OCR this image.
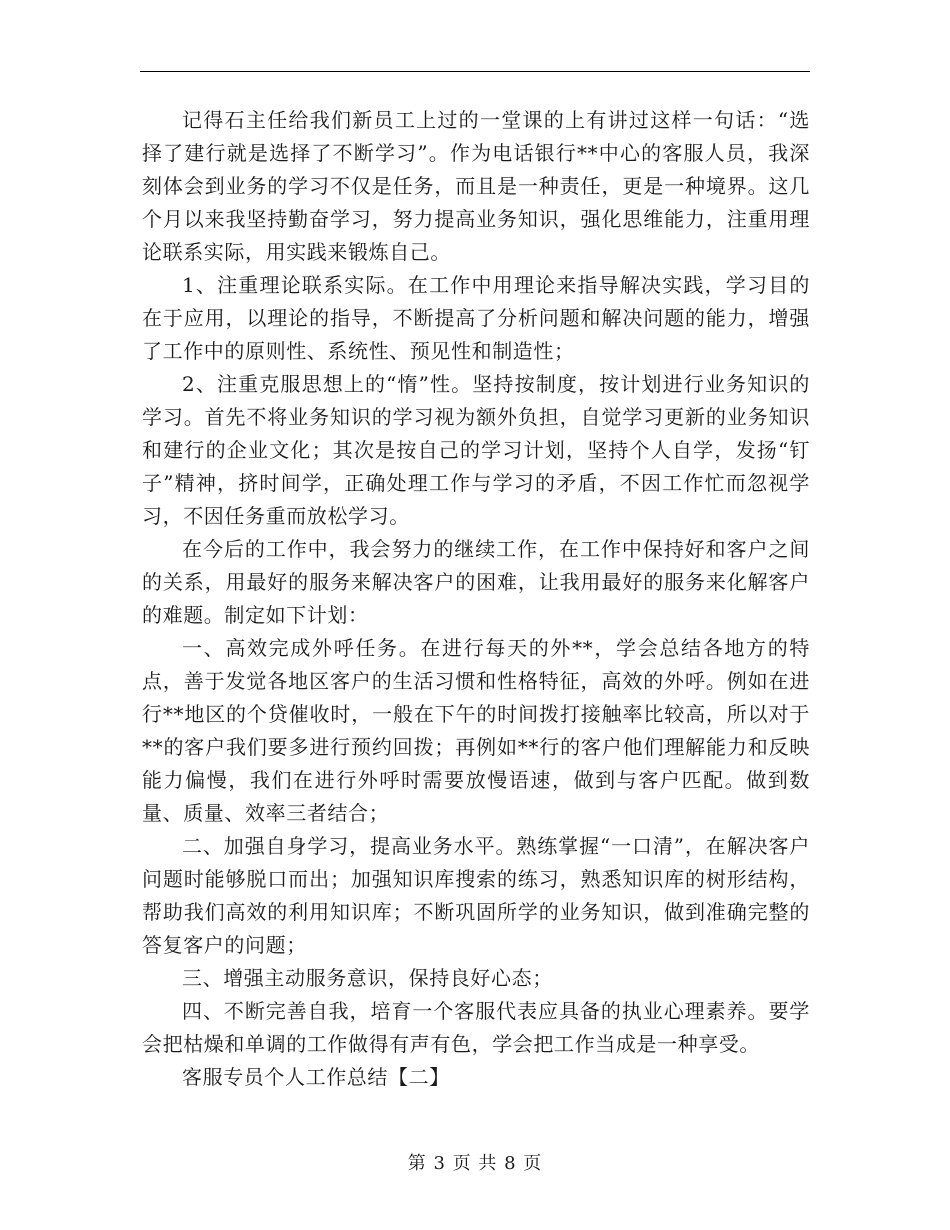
记得石主任给我们新员工上过的一堂课的上有讲过这样一句话：“选择了建行就是选择了不断学习”。作为电话银行**中心的客服人员，我深刻体会到业务的学习不仅是任务，而且是一种责任，更是一种境界。这几个月以来我坚持勤奋学习，努力提高业务知识，强化思维能力，注重用理论联系实际，用实践来锻炼自己。

1、注重理论联系实际。在工作中用理论来指导解决实践，学习目的在于应用，以理论的指导，不断提高了分析问题和解决问题的能力，增强了工作中的原则性、系统性、预见性和制造性；

2、注重克服思想上的“惰”性。坚持按制度，按计划进行业务知识的学习。首先不将业务知识的学习视为额外负担，自觉学习更新的业务知识和建行的企业文化；其次是按自己的学习计划，坚持个人自学，发扬“钉子”精神，挤时间学，正确处理工作与学习的矛盾，不因工作忙而忽视学习，不因任务重而放松学习。

在今后的工作中，我会努力的继续工作，在工作中保持好和客户之间的关系，用最好的服务来解决客户的困难，让我用最好的服务来化解客户的难题。制定如下计划：

一、高效完成外呼任务。在进行每天的外**，学会总结各地方的特点，善于发觉各地区客户的生活习惯和性格特征，高效的外呼。例如在进行**地区的个贷催收时，一般在下午的时间拨打接触率比较高，所以对于**的客户我们要多进行预约回拨；再例如**行的客户他们理解能力和反映能力偏慢，我们在进行外呼时需要放慢语速，做到与客户匹配。做到数量、质量、效率三者结合；

二、加强自身学习，提高业务水平。熟练掌握“一口清”，在解决客户问题时能够脱口而出；加强知识库搜索的练习，熟悉知识库的树形结构，帮助我们高效的利用知识库；不断巩固所学的业务知识，做到准确完整的答复客户的问题；

三、增强主动服务意识，保持良好心态；

四、不断完善自我，培育一个客服代表应具备的执业心理素养。要学会把枯燥和单调的工作做得有声有色，学会把工作当成是一种享受。

客服专员个人工作总结【二】

第 3 页 共 8 页
